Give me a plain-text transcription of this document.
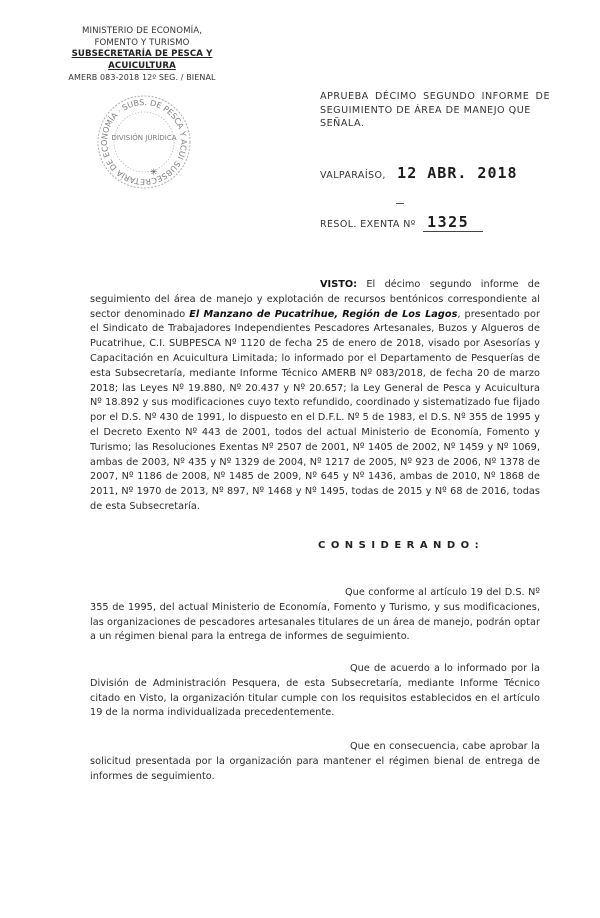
MINISTERIO DE ECONOMÍA,
FOMENTO Y TURISMO
SUBSECRETARÍA DE PESCA Y ACUICULTURA
AMERB 083-2018 12º SEG. / BIENAL
SUBSECRETARÍA DE ECONOMÍA · SUBS. DE PESCA Y ACUI
DIVISIÓN JURÍDICA
✳
APRUEBA DÉCIMO SEGUNDO INFORME DE
SEGUIMIENTO DE ÁREA DE MANEJO QUE SEÑALA.
VALPARAÍSO, 12 ABR. 2018
RESOL. EXENTA Nº 1325
VISTO: El décimo segundo informe de seguimiento del área de manejo y explotación de recursos bentónicos correspondiente al sector denominado El Manzano de Pucatrihue, Región de Los Lagos, presentado por el Sindicato de Trabajadores Independientes Pescadores Artesanales, Buzos y Algueros de Pucatrihue, C.I. SUBPESCA Nº 1120 de fecha 25 de enero de 2018, visado por Asesorías y Capacitación en Acuicultura Limitada; lo informado por el Departamento de Pesquerías de esta Subsecretaría, mediante Informe Técnico AMERB Nº 083/2018, de fecha 20 de marzo 2018; las Leyes Nº 19.880, Nº 20.437 y Nº 20.657; la Ley General de Pesca y Acuicultura Nº 18.892 y sus modificaciones cuyo texto refundido, coordinado y sistematizado fue fijado por el D.S. Nº 430 de 1991, lo dispuesto en el D.F.L. Nº 5 de 1983, el D.S. Nº 355 de 1995 y el Decreto Exento Nº 443 de 2001, todos del actual Ministerio de Economía, Fomento y Turismo; las Resoluciones Exentas Nº 2507 de 2001, Nº 1405 de 2002, Nº 1459 y Nº 1069, ambas de 2003, Nº 435 y Nº 1329 de 2004, Nº 1217 de 2005, Nº 923 de 2006, Nº 1378 de 2007, Nº 1186 de 2008, Nº 1485 de 2009, Nº 645 y Nº 1436, ambas de 2010, Nº 1868 de 2011, Nº 1970 de 2013, Nº 897, Nº 1468 y Nº 1495, todas de 2015 y Nº 68 de 2016, todas de esta Subsecretaría.
C O N S I D E R A N D O :
Que conforme al artículo 19 del D.S. Nº 355 de 1995, del actual Ministerio de Economía, Fomento y Turismo, y sus modificaciones, las organizaciones de pescadores artesanales titulares de un área de manejo, podrán optar a un régimen bienal para la entrega de informes de seguimiento.
Que de acuerdo a lo informado por la División de Administración Pesquera, de esta Subsecretaría, mediante Informe Técnico citado en Visto, la organización titular cumple con los requisitos establecidos en el artículo 19 de la norma individualizada precedentemente.
Que en consecuencia, cabe aprobar la solicitud presentada por la organización para mantener el régimen bienal de entrega de informes de seguimiento.
